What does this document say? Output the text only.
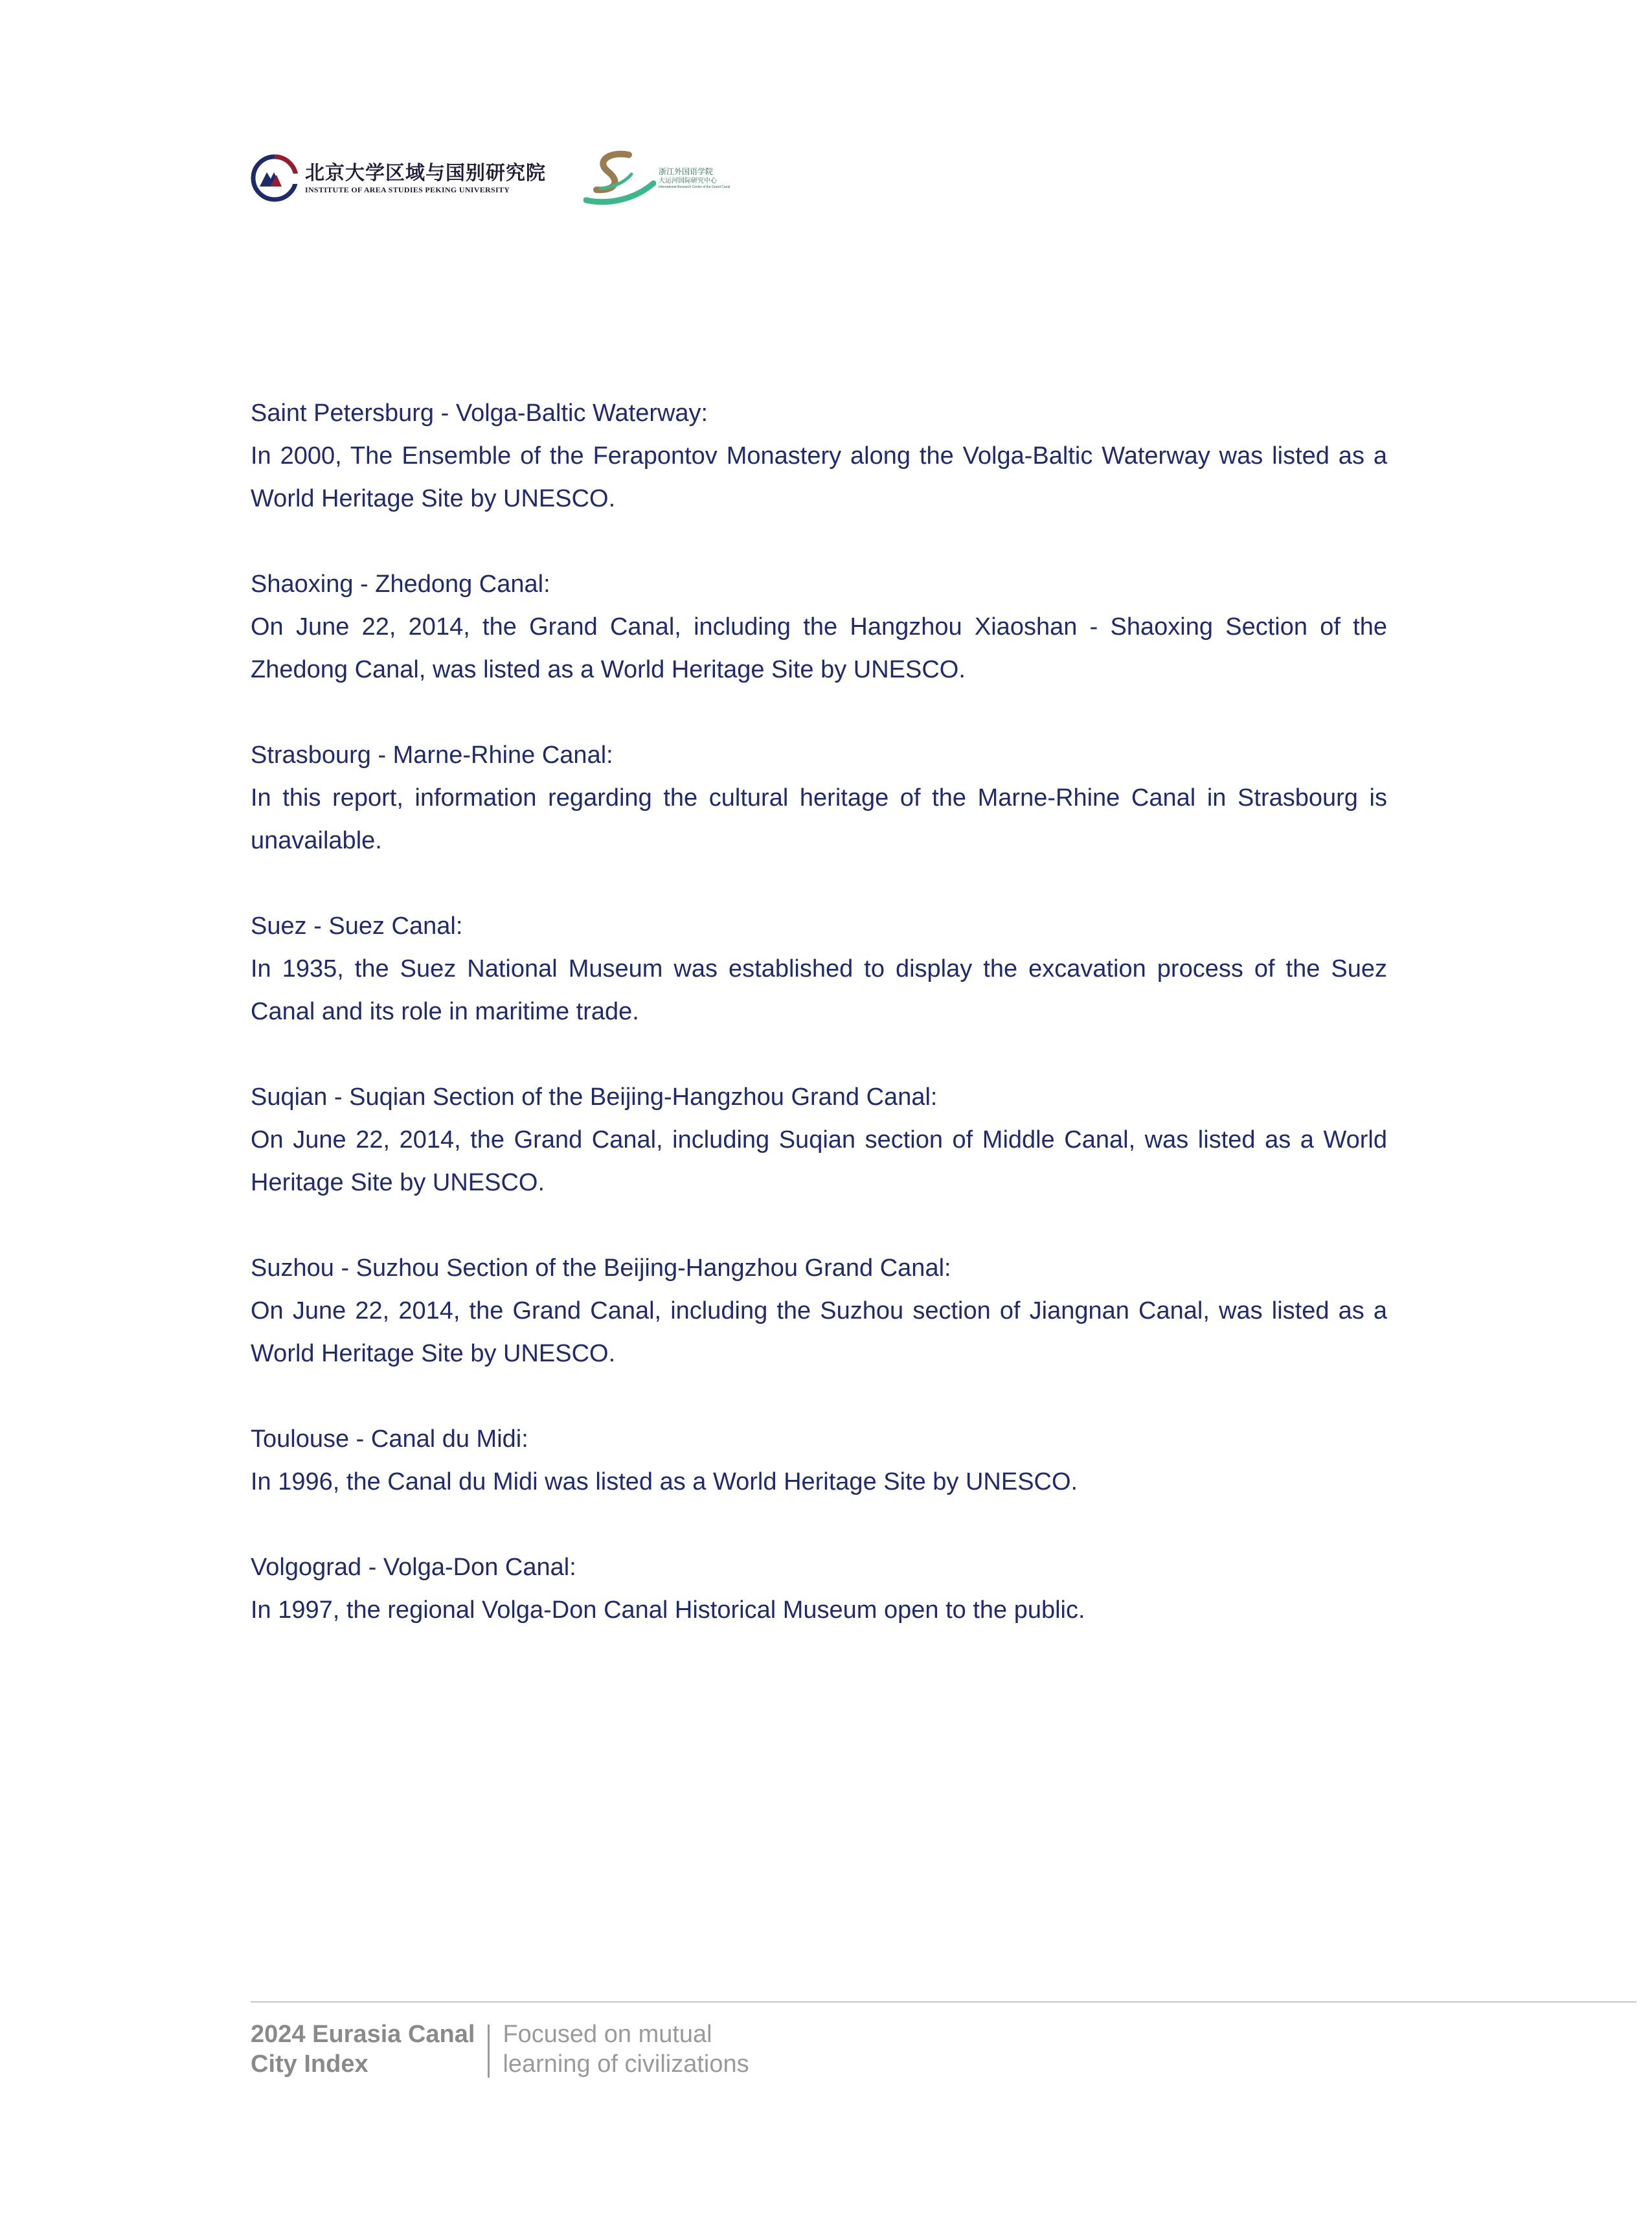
北京大学区域与国别研究院
INSTITUTE OF AREA STUDIES PEKING UNIVERSITY
浙江外国语学院
大运河国际研究中心
International Research Center of the Grand Canal
Saint Petersburg - Volga-Baltic Waterway:
In 2000, The Ensemble of the Ferapontov Monastery along the Volga-Baltic Waterway was listed as a World Heritage Site by UNESCO.
Shaoxing - Zhedong Canal:
On June 22, 2014, the Grand Canal, including the Hangzhou Xiaoshan - Shaoxing Section of the Zhedong Canal, was listed as a World Heritage Site by UNESCO.
Strasbourg - Marne-Rhine Canal:
In this report, information regarding the cultural heritage of the Marne-Rhine Canal in Strasbourg is unavailable.
Suez - Suez Canal:
In 1935, the Suez National Museum was established to display the excavation process of the Suez Canal and its role in maritime trade.
Suqian - Suqian Section of the Beijing-Hangzhou Grand Canal:
On June 22, 2014, the Grand Canal, including Suqian section of Middle Canal, was listed as a World Heritage Site by UNESCO.
Suzhou - Suzhou Section of the Beijing-Hangzhou Grand Canal:
On June 22, 2014, the Grand Canal, including the Suzhou section of Jiangnan Canal, was listed as a World Heritage Site by UNESCO.
Toulouse - Canal du Midi:
In 1996, the Canal du Midi was listed as a World Heritage Site by UNESCO.
Volgograd - Volga-Don Canal:
In 1997, the regional Volga-Don Canal Historical Museum open to the public.
2024 Eurasia Canal
City Index
Focused on mutual
learning of civilizations
